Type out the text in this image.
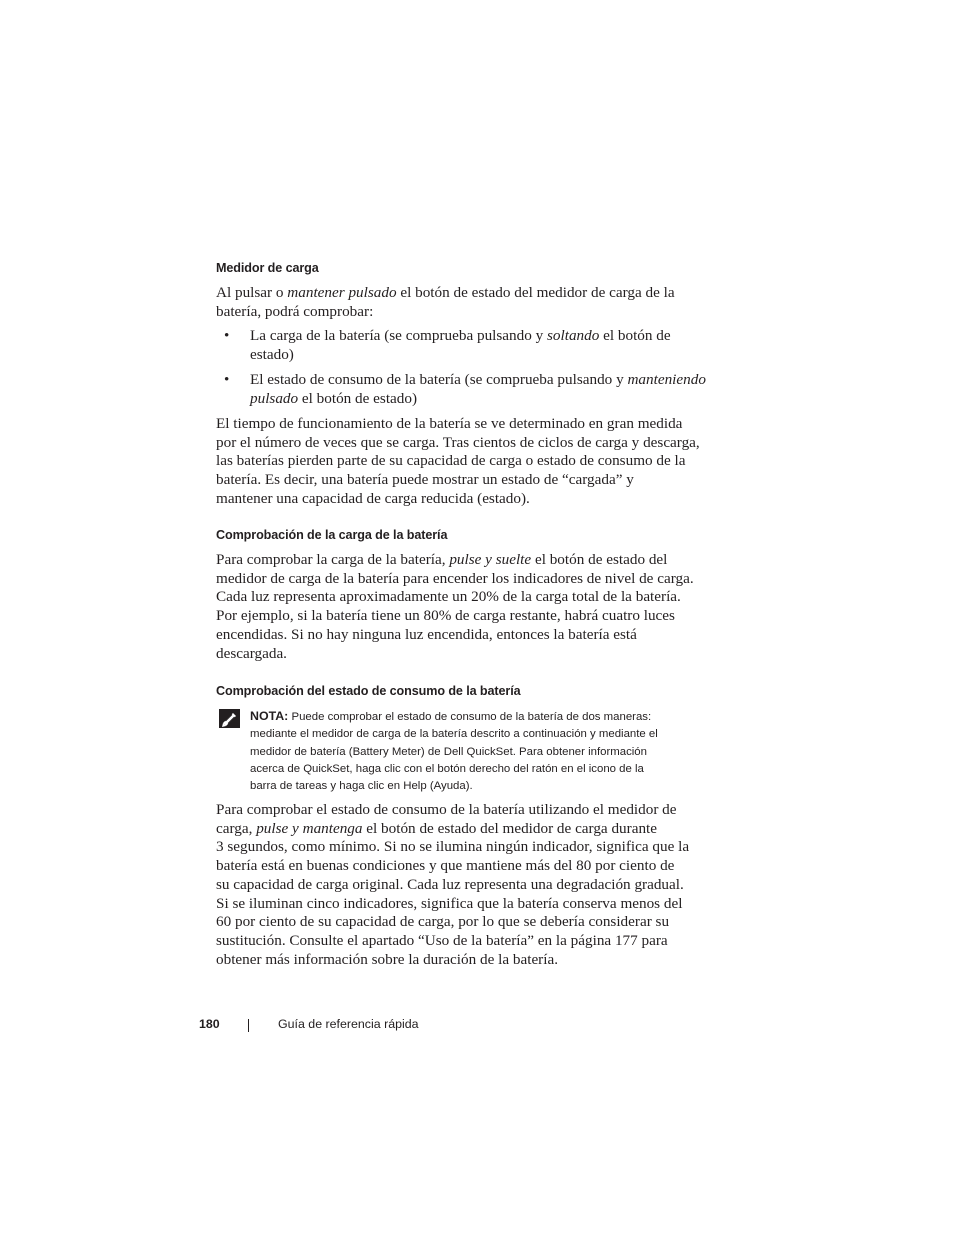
Medidor de carga

Al pulsar o mantener pulsado el botón de estado del medidor de carga de la
batería, podrá comprobar:

• La carga de la batería (se comprueba pulsando y soltando el botón de
estado)

• El estado de consumo de la batería (se comprueba pulsando y manteniendo
pulsado el botón de estado)

El tiempo de funcionamiento de la batería se ve determinado en gran medida
por el número de veces que se carga. Tras cientos de ciclos de carga y descarga,
las baterías pierden parte de su capacidad de carga o estado de consumo de la
batería. Es decir, una batería puede mostrar un estado de “cargada” y
mantener una capacidad de carga reducida (estado).

Comprobación de la carga de la batería

Para comprobar la carga de la batería, pulse y suelte el botón de estado del
medidor de carga de la batería para encender los indicadores de nivel de carga.
Cada luz representa aproximadamente un 20% de la carga total de la batería.
Por ejemplo, si la batería tiene un 80% de carga restante, habrá cuatro luces
encendidas. Si no hay ninguna luz encendida, entonces la batería está
descargada.

Comprobación del estado de consumo de la batería

NOTA: Puede comprobar el estado de consumo de la batería de dos maneras:
mediante el medidor de carga de la batería descrito a continuación y mediante el
medidor de batería (Battery Meter) de Dell QuickSet. Para obtener información
acerca de QuickSet, haga clic con el botón derecho del ratón en el icono de la
barra de tareas y haga clic en Help (Ayuda).

Para comprobar el estado de consumo de la batería utilizando el medidor de
carga, pulse y mantenga el botón de estado del medidor de carga durante
3 segundos, como mínimo. Si no se ilumina ningún indicador, significa que la
batería está en buenas condiciones y que mantiene más del 80 por ciento de
su capacidad de carga original. Cada luz representa una degradación gradual.
Si se iluminan cinco indicadores, significa que la batería conserva menos del
60 por ciento de su capacidad de carga, por lo que se debería considerar su
sustitución. Consulte el apartado “Uso de la batería” en la página 177 para
obtener más información sobre la duración de la batería.

180	Guía de referencia rápida
